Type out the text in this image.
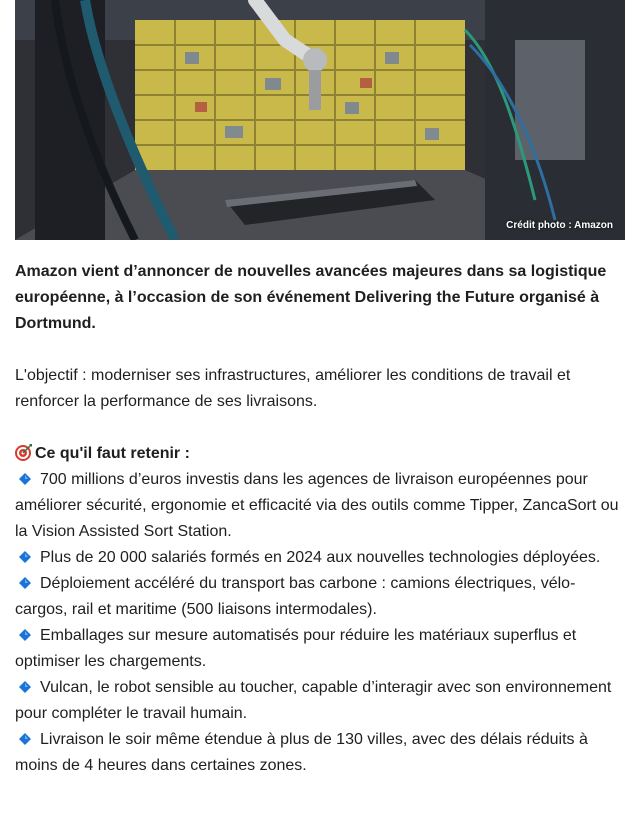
Crédit photo : Amazon

Amazon vient d’annoncer de nouvelles avancées majeures dans sa logistique européenne, à l’occasion de son événement Delivering the Future organisé à Dortmund.

L'objectif : moderniser ses infrastructures, améliorer les conditions de travail et renforcer la performance de ses livraisons.

Ce qu'il faut retenir :

700 millions d’euros investis dans les agences de livraison européennes pour améliorer sécurité, ergonomie et efficacité via des outils comme Tipper, ZancaSort ou la Vision Assisted Sort Station.

Plus de 20 000 salariés formés en 2024 aux nouvelles technologies déployées.

Déploiement accéléré du transport bas carbone : camions électriques, vélo-cargos, rail et maritime (500 liaisons intermodales).

Emballages sur mesure automatisés pour réduire les matériaux superflus et optimiser les chargements.

Vulcan, le robot sensible au toucher, capable d’interagir avec son environnement pour compléter le travail humain.

Livraison le soir même étendue à plus de 130 villes, avec des délais réduits à moins de 4 heures dans certaines zones.
